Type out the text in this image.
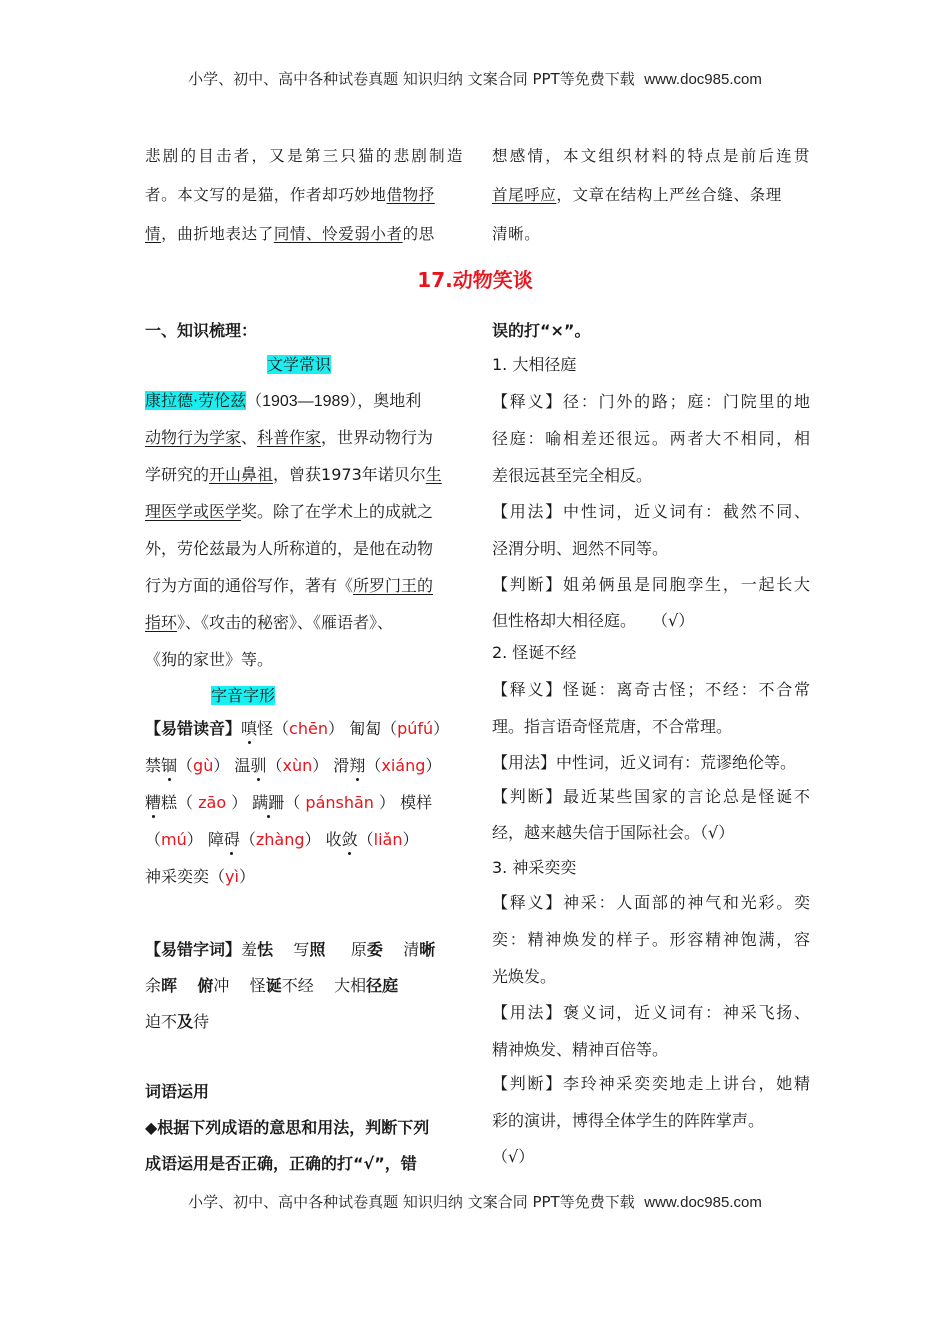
小学、初中、高中各种试卷真题 知识归纳 文案合同 PPT等免费下载 www.doc985.com
悲剧的目击者，又是第三只猫的悲剧制造
者。本文写的是猫，作者却巧妙地借物抒
情，曲折地表达了同情、怜爱弱小者的思
想感情，本文组织材料的特点是前后连贯
首尾呼应，文章在结构上严丝合缝、条理
清晰。
17.动物笑谈
一、知识梳理：
文学常识
康拉德·劳伦兹（1903—1989），奥地利
动物行为学家、科普作家，世界动物行为
学研究的开山鼻祖，曾获1973年诺贝尔生
理医学或医学奖。除了在学术上的成就之
外，劳伦兹最为人所称道的，是他在动物
行为方面的通俗写作，著有《所罗门王的
指环》、《攻击的秘密》、《雁语者》、
《狗的家世》等。
字音字形
【易错读音】嗔怪（chēn） 匍匐（púfú）
禁锢（gù） 温驯（xùn） 滑翔（xiáng）
糟糕（ zāo ） 蹒跚（ pánshān ） 模样
（mú） 障碍（zhàng） 收敛（liǎn）
神采奕奕（yì）
【易错字词】羞怯 写照 原委 清晰
余晖 俯冲 怪诞不经 大相径庭
迫不及待
词语运用
◆根据下列成语的意思和用法，判断下列
成语运用是否正确，正确的打“√”，错
误的打“×”。
1. 大相径庭
【释义】径：门外的路；庭：门院里的地
径庭：喻相差还很远。两者大不相同，相
差很远甚至完全相反。
【用法】中性词，近义词有：截然不同、
泾渭分明、迥然不同等。
【判断】姐弟俩虽是同胞孪生，一起长大
但性格却大相径庭。　　（√）
2. 怪诞不经
【释义】怪诞：离奇古怪；不经：不合常
理。指言语奇怪荒唐，不合常理。
【用法】中性词，近义词有：荒谬绝伦等。
【判断】最近某些国家的言论总是怪诞不
经，越来越失信于国际社会。（√）
3. 神采奕奕
【释义】神采：人面部的神气和光彩。奕
奕：精神焕发的样子。形容精神饱满，容
光焕发。
【用法】褒义词，近义词有：神采飞扬、
精神焕发、精神百倍等。
【判断】李玲神采奕奕地走上讲台，她精
彩的演讲，博得全体学生的阵阵掌声。
（√）
小学、初中、高中各种试卷真题 知识归纳 文案合同 PPT等免费下载 www.doc985.com
